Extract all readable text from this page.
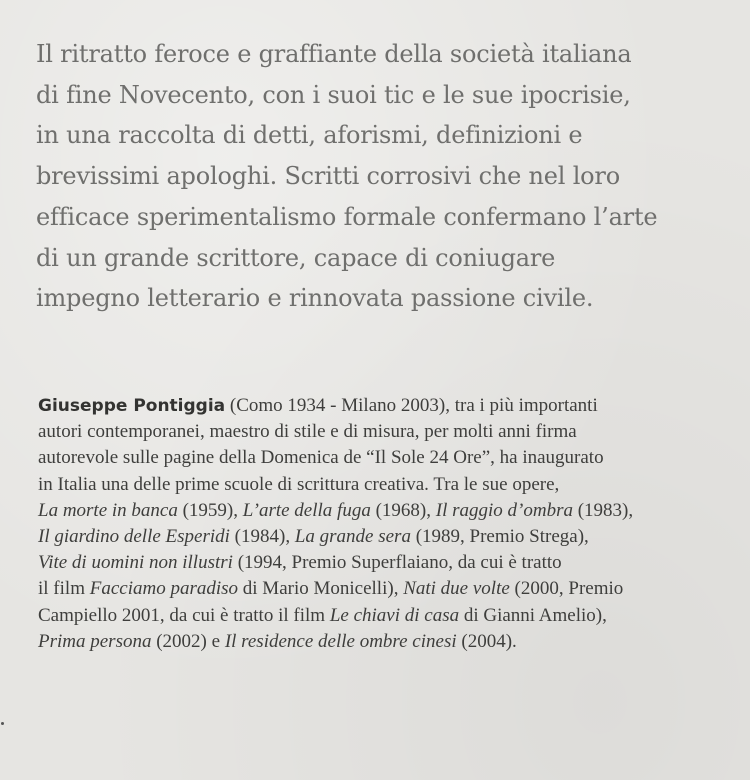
Il ritratto feroce e graffiante della società italiana
di fine Novecento, con i suoi tic e le sue ipocrisie,
in una raccolta di detti, aforismi, definizioni e
brevissimi apologhi. Scritti corrosivi che nel loro
efficace sperimentalismo formale confermano l’arte
di un grande scrittore, capace di coniugare
impegno letterario e rinnovata passione civile.

Giuseppe Pontiggia (Como 1934 - Milano 2003), tra i più importanti
autori contemporanei, maestro di stile e di misura, per molti anni firma
autorevole sulle pagine della Domenica de “Il Sole 24 Ore”, ha inaugurato
in Italia una delle prime scuole di scrittura creativa. Tra le sue opere,
La morte in banca (1959), L’arte della fuga (1968), Il raggio d’ombra (1983),
Il giardino delle Esperidi (1984), La grande sera (1989, Premio Strega),
Vite di uomini non illustri (1994, Premio Superflaiano, da cui è tratto
il film Facciamo paradiso di Mario Monicelli), Nati due volte (2000, Premio
Campiello 2001, da cui è tratto il film Le chiavi di casa di Gianni Amelio),
Prima persona (2002) e Il residence delle ombre cinesi (2004).
